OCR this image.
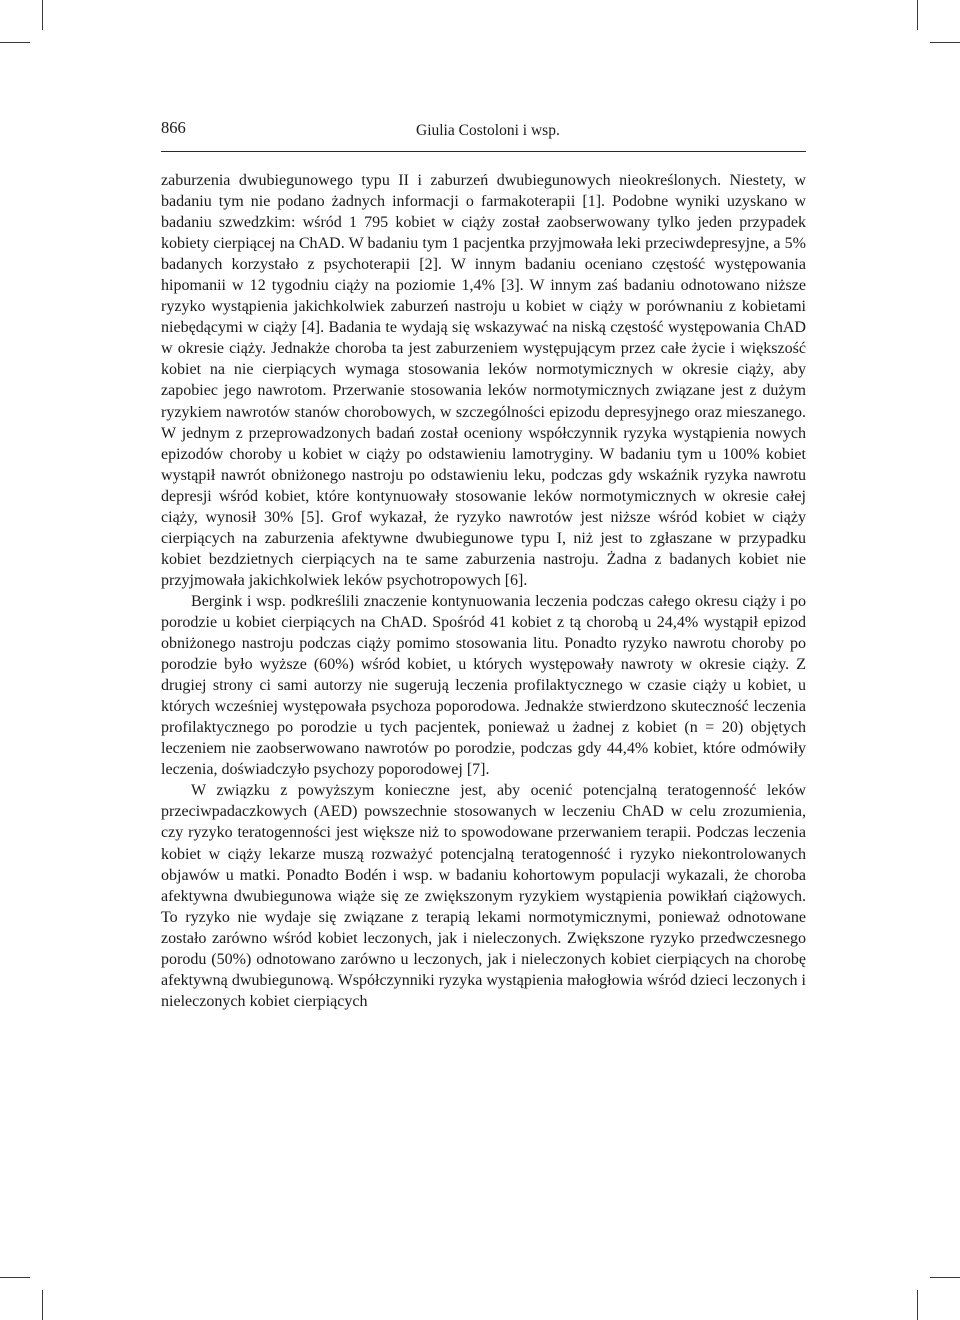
866	Giulia Costoloni i wsp.

zaburzenia dwubiegunowego typu II i zaburzeń dwubiegunowych nieokreślonych. Niestety, w badaniu tym nie podano żadnych informacji o farmakoterapii [1]. Podobne wyniki uzyskano w badaniu szwedzkim: wśród 1 795 kobiet w ciąży został zaobserwowany tylko jeden przypadek kobiety cierpiącej na ChAD. W badaniu tym 1 pacjentka przyjmowała leki przeciwdepresyjne, a 5% badanych korzystało z psychoterapii [2]. W innym badaniu oceniano częstość występowania hipomanii w 12 tygodniu ciąży na poziomie 1,4% [3]. W innym zaś badaniu odnotowano niższe ryzyko wystąpienia jakichkolwiek zaburzeń nastroju u kobiet w ciąży w porównaniu z kobietami niebędącymi w ciąży [4]. Badania te wydają się wskazywać na niską częstość występowania ChAD w okresie ciąży. Jednakże choroba ta jest zaburzeniem występującym przez całe życie i większość kobiet na nie cierpiących wymaga stosowania leków normotymicznych w okresie ciąży, aby zapobiec jego nawrotom. Przerwanie stosowania leków normotymicznych związane jest z dużym ryzykiem nawrotów stanów chorobowych, w szczególności epizodu depresyjnego oraz mieszanego. W jednym z przeprowadzonych badań został oceniony współczynnik ryzyka wystąpienia nowych epizodów choroby u kobiet w ciąży po odstawieniu lamotryginy. W badaniu tym u 100% kobiet wystąpił nawrót obniżonego nastroju po odstawieniu leku, podczas gdy wskaźnik ryzyka nawrotu depresji wśród kobiet, które kontynuowały stosowanie leków normotymicznych w okresie całej ciąży, wynosił 30% [5]. Grof wykazał, że ryzyko nawrotów jest niższe wśród kobiet w ciąży cierpiących na zaburzenia afektywne dwubiegunowe typu I, niż jest to zgłaszane w przypadku kobiet bezdzietnych cierpiących na te same zaburzenia nastroju. Żadna z badanych kobiet nie przyjmowała jakichkolwiek leków psychotropowych [6].

Bergink i wsp. podkreślili znaczenie kontynuowania leczenia podczas całego okresu ciąży i po porodzie u kobiet cierpiących na ChAD. Spośród 41 kobiet z tą chorobą u 24,4% wystąpił epizod obniżonego nastroju podczas ciąży pomimo stosowania litu. Ponadto ryzyko nawrotu choroby po porodzie było wyższe (60%) wśród kobiet, u których występowały nawroty w okresie ciąży. Z drugiej strony ci sami autorzy nie sugerują leczenia profilaktycznego w czasie ciąży u kobiet, u których wcześniej występowała psychoza poporodowa. Jednakże stwierdzono skuteczność leczenia profilaktycznego po porodzie u tych pacjentek, ponieważ u żadnej z kobiet (n = 20) objętych leczeniem nie zaobserwowano nawrotów po porodzie, podczas gdy 44,4% kobiet, które odmówiły leczenia, doświadczyło psychozy poporodowej [7].

W związku z powyższym konieczne jest, aby ocenić potencjalną teratogenność leków przeciwpadaczkowych (AED) powszechnie stosowanych w leczeniu ChAD w celu zrozumienia, czy ryzyko teratogenności jest większe niż to spowodowane przerwaniem terapii. Podczas leczenia kobiet w ciąży lekarze muszą rozważyć potencjalną teratogenność i ryzyko niekontrolowanych objawów u matki. Ponadto Bodén i wsp. w badaniu kohortowym populacji wykazali, że choroba afektywna dwubiegunowa wiąże się ze zwiększonym ryzykiem wystąpienia powikłań ciążowych. To ryzyko nie wydaje się związane z terapią lekami normotymicznymi, ponieważ odnotowane zostało zarówno wśród kobiet leczonych, jak i nieleczonych. Zwiększone ryzyko przedwczesnego porodu (50%) odnotowano zarówno u leczonych, jak i nieleczonych kobiet cierpiących na chorobę afektywną dwubiegunową. Współczynniki ryzyka wystąpienia małogłowia wśród dzieci leczonych i nieleczonych kobiet cierpiących
